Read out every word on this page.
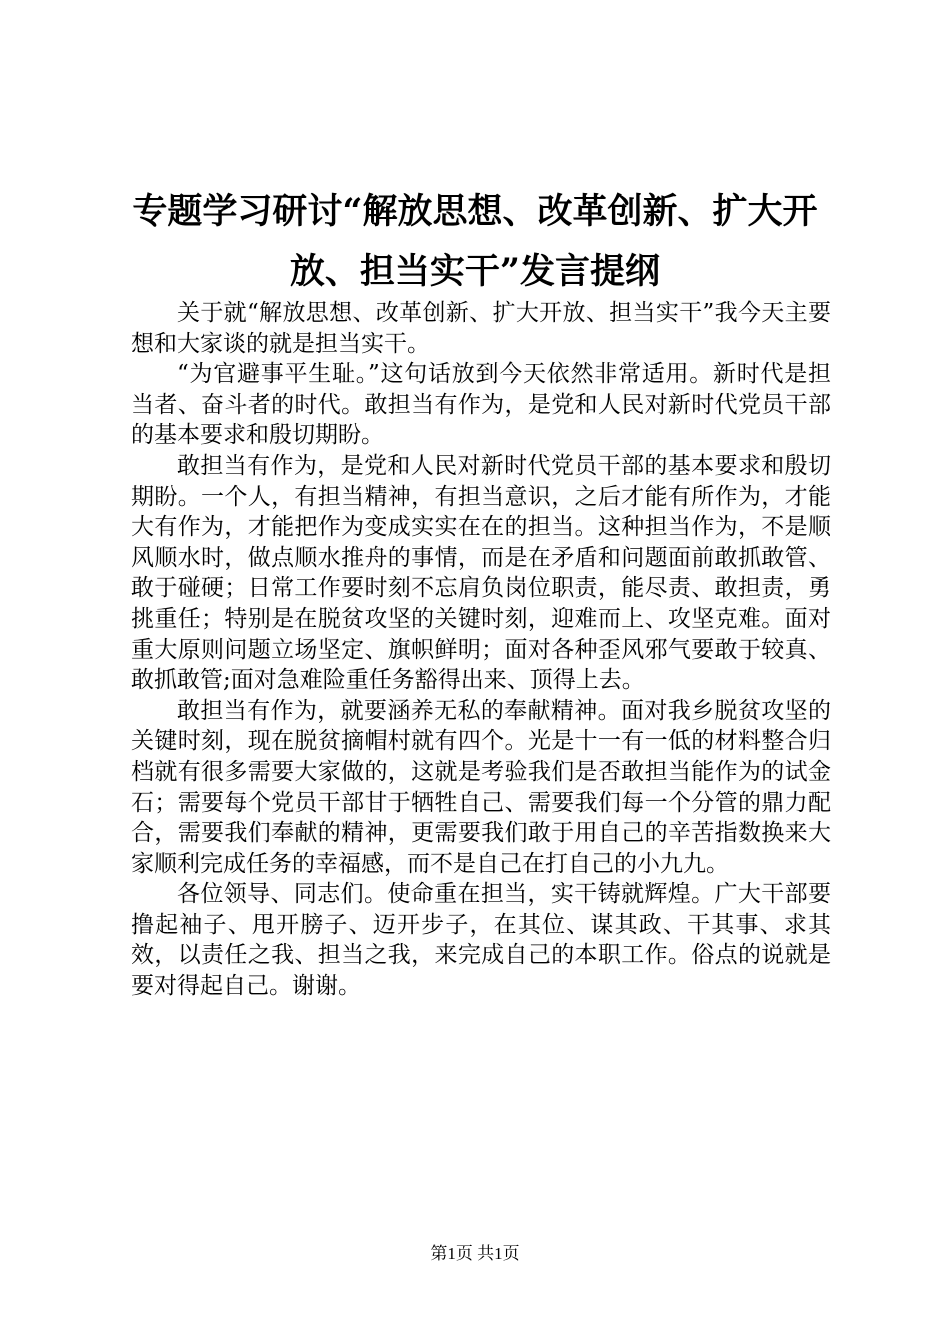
专题学习研讨“解放思想、改革创新、扩大开
放、担当实干”发言提纲

关于就“解放思想、改革创新、扩大开放、担当实干”我今天主要想和大家谈的就是担当实干。

“为官避事平生耻。”这句话放到今天依然非常适用。新时代是担当者、奋斗者的时代。敢担当有作为，是党和人民对新时代党员干部的基本要求和殷切期盼。

敢担当有作为，是党和人民对新时代党员干部的基本要求和殷切期盼。一个人，有担当精神，有担当意识，之后才能有所作为，才能大有作为，才能把作为变成实实在在的担当。这种担当作为，不是顺风顺水时，做点顺水推舟的事情，而是在矛盾和问题面前敢抓敢管、敢于碰硬；日常工作要时刻不忘肩负岗位职责，能尽责、敢担责，勇挑重任；特别是在脱贫攻坚的关键时刻，迎难而上、攻坚克难。面对重大原则问题立场坚定、旗帜鲜明；面对各种歪风邪气要敢于较真、敢抓敢管;面对急难险重任务豁得出来、顶得上去。

敢担当有作为，就要涵养无私的奉献精神。面对我乡脱贫攻坚的关键时刻，现在脱贫摘帽村就有四个。光是十一有一低的材料整合归档就有很多需要大家做的，这就是考验我们是否敢担当能作为的试金石；需要每个党员干部甘于牺牲自己、需要我们每一个分管的鼎力配合，需要我们奉献的精神，更需要我们敢于用自己的辛苦指数换来大家顺利完成任务的幸福感，而不是自己在打自己的小九九。

各位领导、同志们。使命重在担当，实干铸就辉煌。广大干部要撸起袖子、甩开膀子、迈开步子，在其位、谋其政、干其事、求其效，以责任之我、担当之我，来完成自己的本职工作。俗点的说就是要对得起自己。谢谢。

第1页 共1页
